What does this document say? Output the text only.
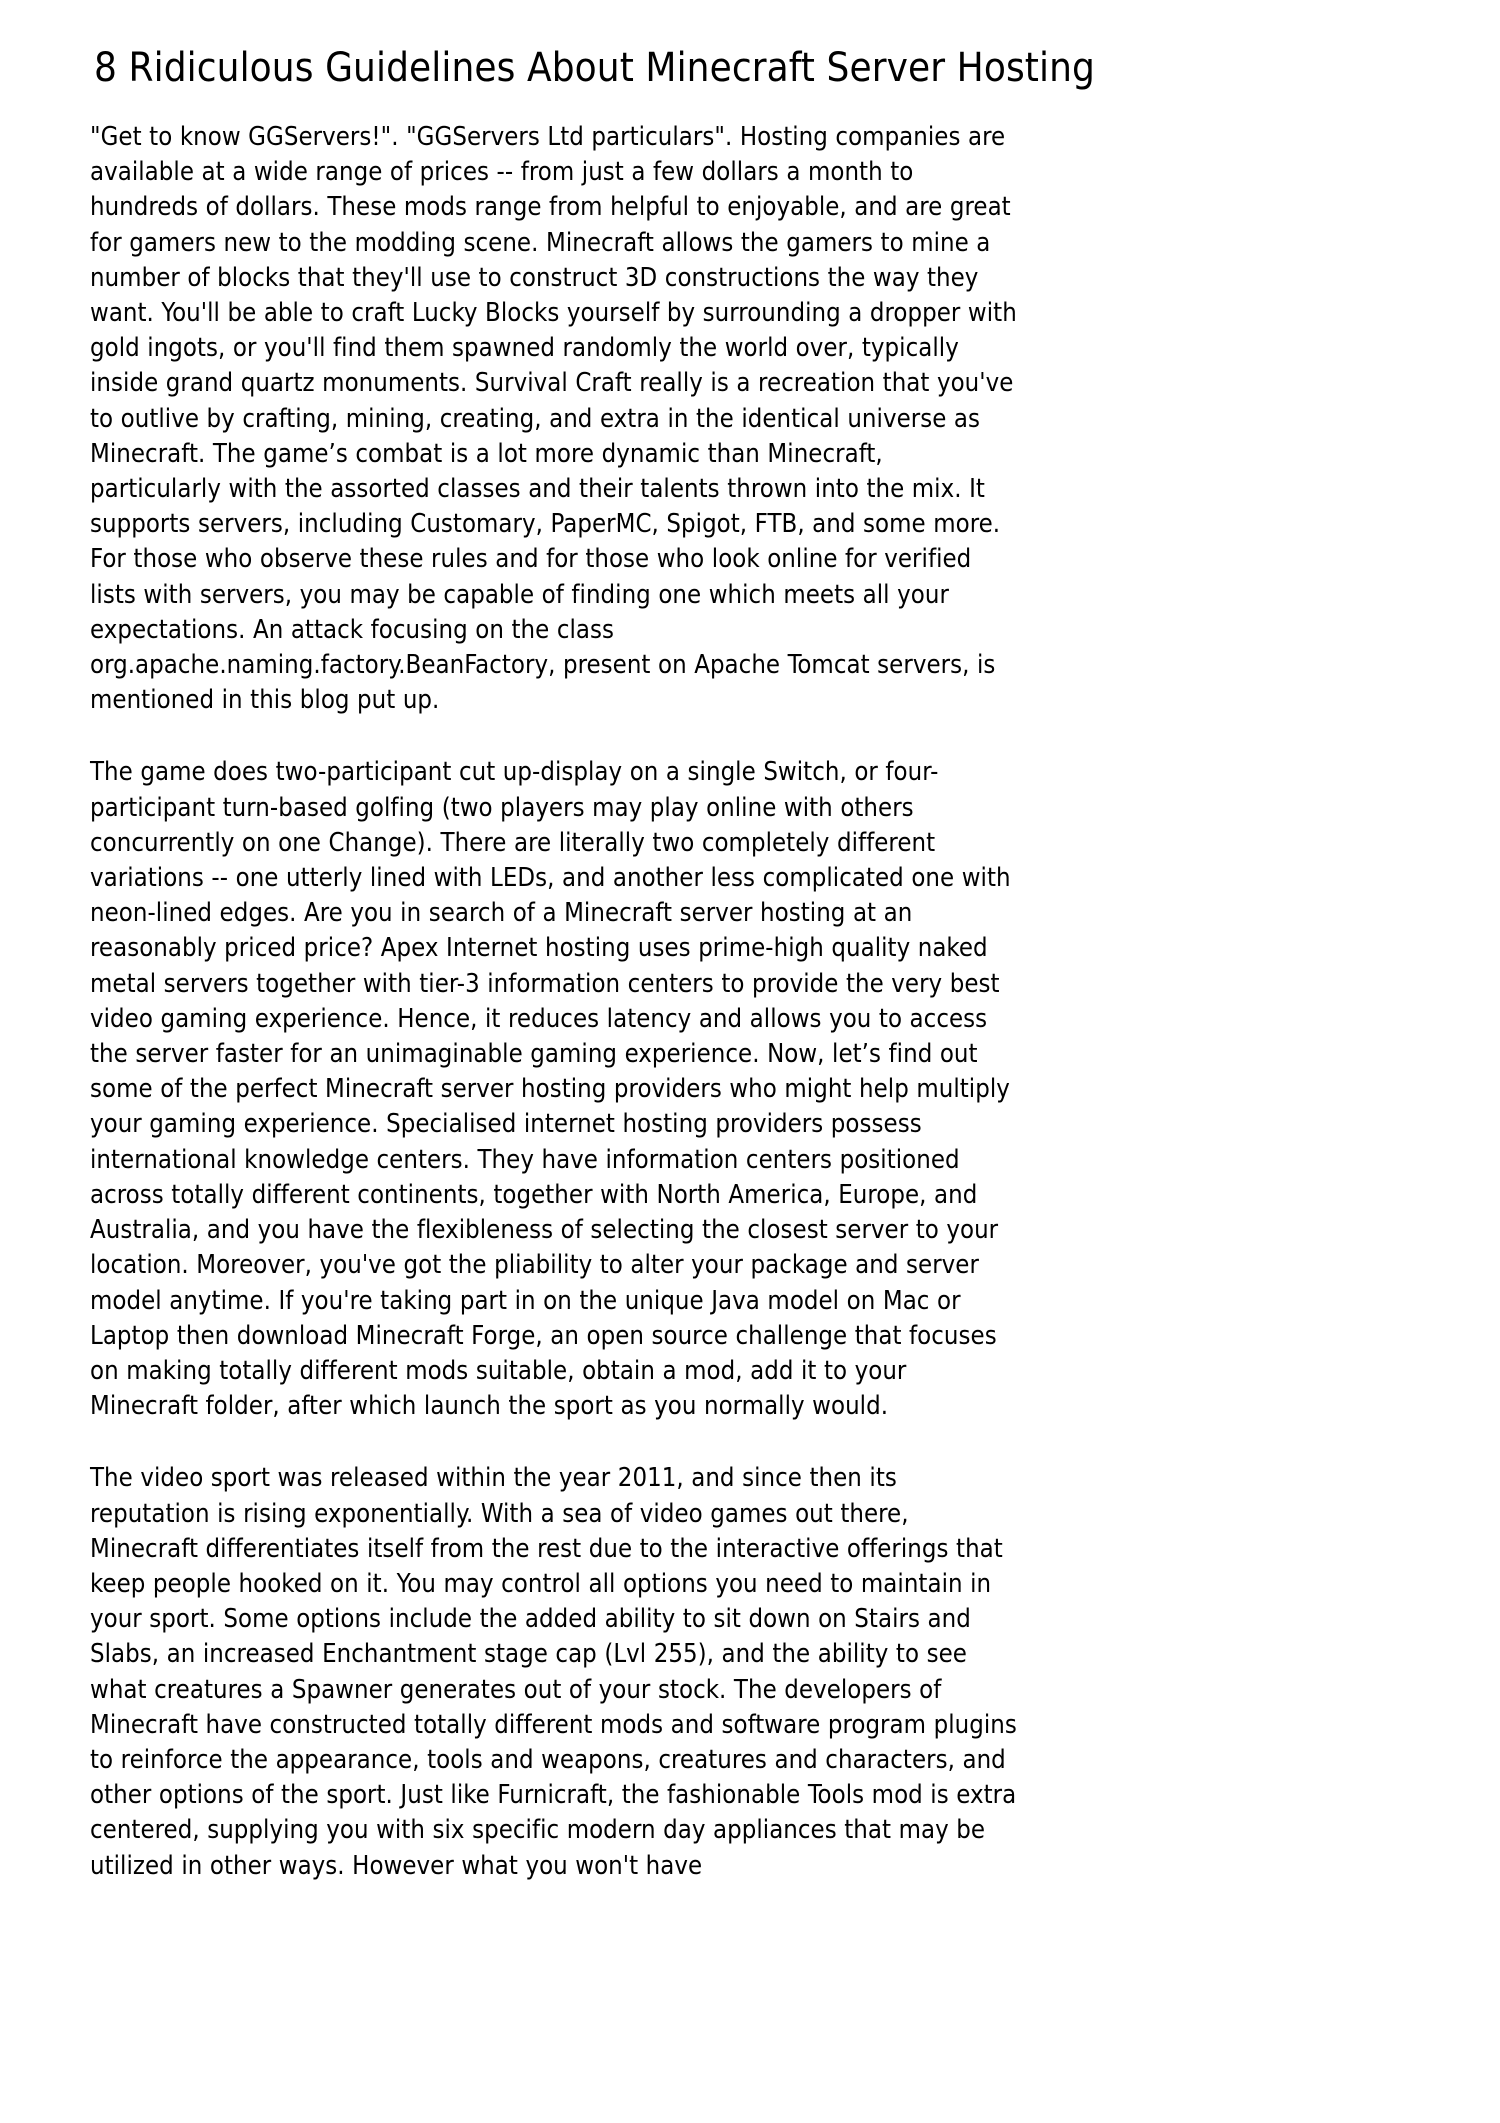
8 Ridiculous Guidelines About Minecraft Server Hosting

"Get to know GGServers!". "GGServers Ltd particulars". Hosting companies are available at a wide range of prices -- from just a few dollars a month to hundreds of dollars. These mods range from helpful to enjoyable, and are great for gamers new to the modding scene. Minecraft allows the gamers to mine a number of blocks that they'll use to construct 3D constructions the way they want. You'll be able to craft Lucky Blocks yourself by surrounding a dropper with gold ingots, or you'll find them spawned randomly the world over, typically inside grand quartz monuments. Survival Craft really is a recreation that you've to outlive by crafting, mining, creating, and extra in the identical universe as Minecraft. The game’s combat is a lot more dynamic than Minecraft, particularly with the assorted classes and their talents thrown into the mix. It supports servers, including Customary, PaperMC, Spigot, FTB, and some more. For those who observe these rules and for those who look online for verified lists with servers, you may be capable of finding one which meets all your expectations. An attack focusing on the class org.apache.naming.factory.BeanFactory, present on Apache Tomcat servers, is mentioned in this blog put up.

The game does two-participant cut up-display on a single Switch, or four-participant turn-based golfing (two players may play online with others concurrently on one Change). There are literally two completely different variations -- one utterly lined with LEDs, and another less complicated one with neon-lined edges. Are you in search of a Minecraft server hosting at an reasonably priced price? Apex Internet hosting uses prime-high quality naked metal servers together with tier-3 information centers to provide the very best video gaming experience. Hence, it reduces latency and allows you to access the server faster for an unimaginable gaming experience. Now, let’s find out some of the perfect Minecraft server hosting providers who might help multiply your gaming experience. Specialised internet hosting providers possess international knowledge centers. They have information centers positioned across totally different continents, together with North America, Europe, and Australia, and you have the flexibleness of selecting the closest server to your location. Moreover, you've got the pliability to alter your package and server model anytime. If you're taking part in on the unique Java model on Mac or Laptop then download Minecraft Forge, an open source challenge that focuses on making totally different mods suitable, obtain a mod, add it to your Minecraft folder, after which launch the sport as you normally would.

The video sport was released within the year 2011, and since then its reputation is rising exponentially. With a sea of video games out there, Minecraft differentiates itself from the rest due to the interactive offerings that keep people hooked on it. You may control all options you need to maintain in your sport. Some options include the added ability to sit down on Stairs and Slabs, an increased Enchantment stage cap (Lvl 255), and the ability to see what creatures a Spawner generates out of your stock. The developers of Minecraft have constructed totally different mods and software program plugins to reinforce the appearance, tools and weapons, creatures and characters, and other options of the sport. Just like Furnicraft, the fashionable Tools mod is extra centered, supplying you with six specific modern day appliances that may be utilized in other ways. However what you won't have
